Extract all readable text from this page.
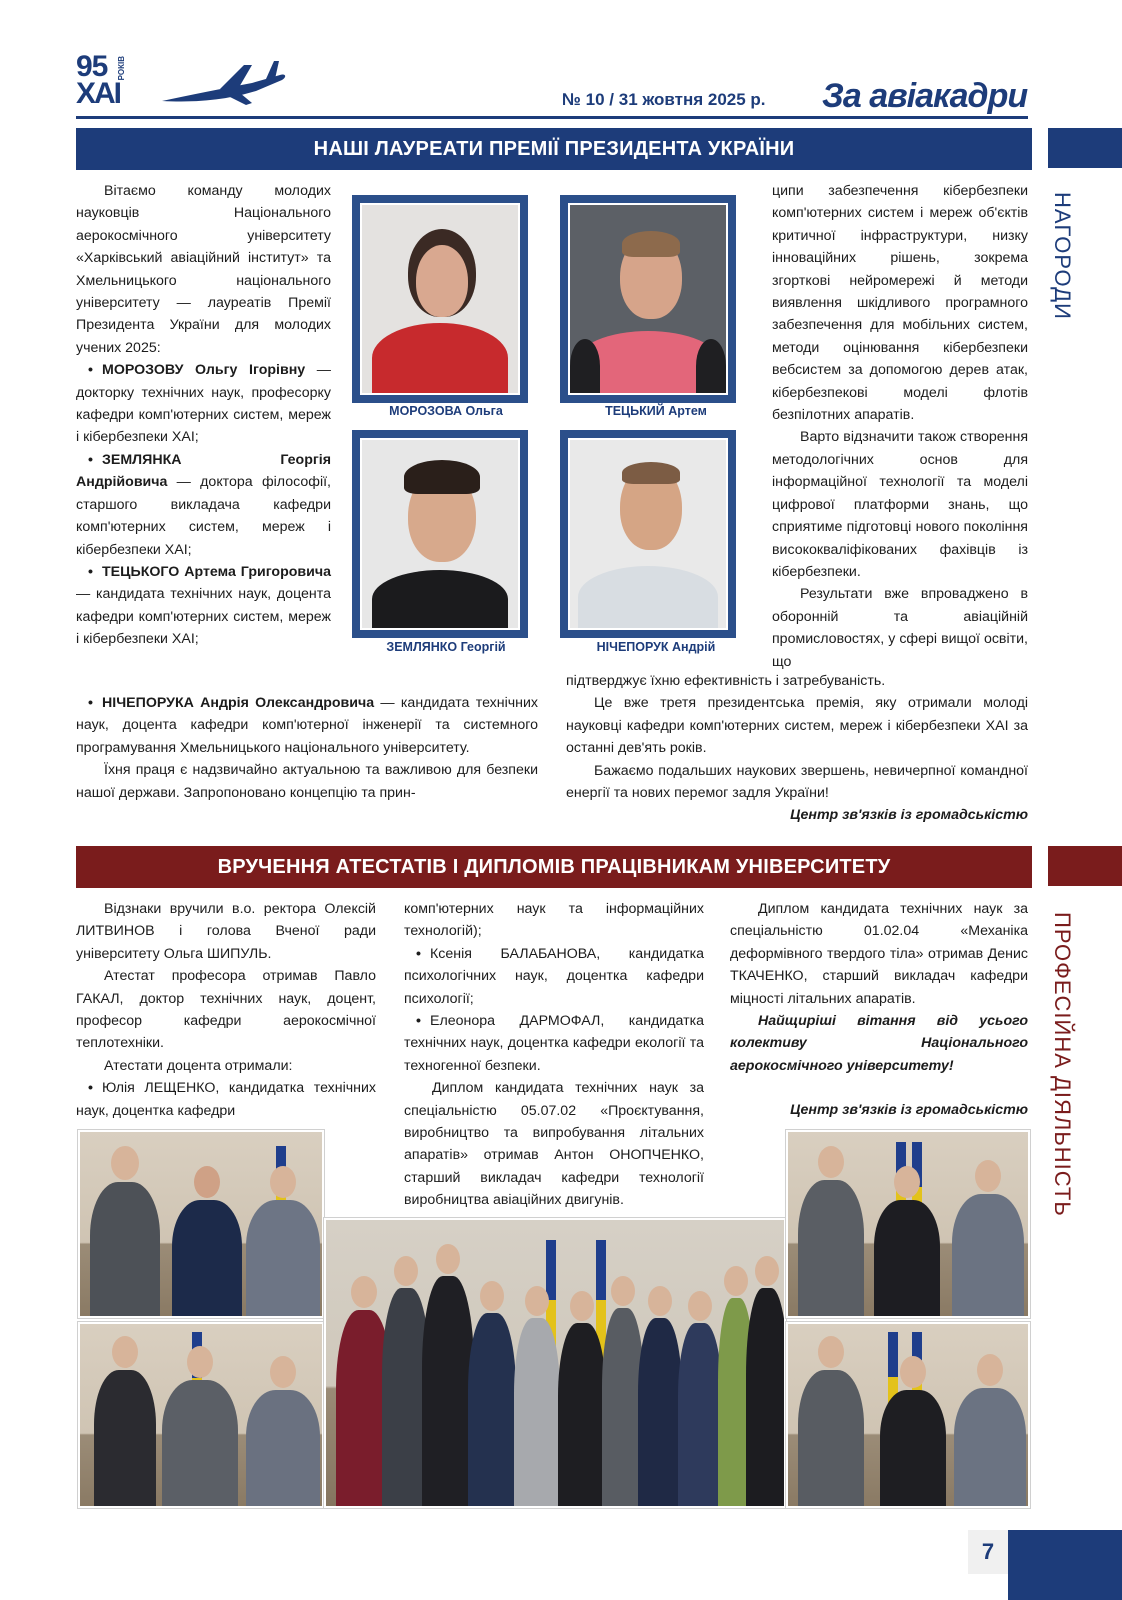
95
ХАІ
РОКІВ
№ 10 / 31 жовтня 2025 р. За авіакадри
НАШІ ЛАУРЕАТИ ПРЕМІЇ ПРЕЗИДЕНТА УКРАЇНИ
НАГОРОДИ

Вітаємо команду молодих науковців Національного аерокосмічного університету «Харківський авіаційний інститут» та Хмельницького національного університету — лауреатів Премії Президента України для молодих учених 2025:

• МОРОЗОВУ Ольгу Ігорівну — докторку технічних наук, професорку кафедри комп'ютерних систем, мереж і кібербезпеки ХАІ;
• ЗЕМЛЯНКА Георгія Андрійовича — доктора філософії, старшого викладача кафедри комп'ютерних систем, мереж і кібербезпеки ХАІ;
• ТЕЦЬКОГО Артема Григоровича — кандидата технічних наук, доцента кафедри комп'ютерних систем, мереж і кібербезпеки ХАІ;
• НІЧЕПОРУКА Андрія Олександровича — кандидата технічних наук, доцента кафедри комп'ютерної інженерії та системного програмування Хмельницького національного університету.

Їхня праця є надзвичайно актуальною та важливою для безпеки нашої держави. Запропоновано концепцію та прин-

ципи забезпечення кібербезпеки комп'ютерних систем і мереж об'єктів критичної інфраструктури, низку інноваційних рішень, зокрема згорткові нейромережі й методи виявлення шкідливого програмного забезпечення для мобільних систем, методи оцінювання кібербезпеки вебсистем за допомогою дерев атак, кібербезпекові моделі флотів безпілотних апаратів.

Варто відзначити також створення методологічних основ для інформаційної технології та моделі цифрової платформи знань, що сприятиме підготовці нового покоління висококваліфікованих фахівців із кібербезпеки.

Результати вже впроваджено в оборонній та авіаційній промисловостях, у сфері вищої освіти, що

підтверджує їхню ефективність і затребуваність.

Це вже третя президентська премія, яку отримали молоді науковці кафедри комп'ютерних систем, мереж і кібербезпеки ХАІ за останні дев'ять років.

Бажаємо подальших наукових звершень, невичерпної командної енергії та нових перемог задля України!

Центр зв'язків із громадськістю

МОРОЗОВА Ольга	ТЕЦЬКИЙ Артем
ЗЕМЛЯНКО Георгій	НІЧЕПОРУК Андрій
ВРУЧЕННЯ АТЕСТАТІВ І ДИПЛОМІВ ПРАЦІВНИКАМ УНІВЕРСИТЕТУ
ПРОФЕСІЙНА ДІЯЛЬНІСТЬ

Відзнаки вручили в.о. ректора Олексій ЛИТВИНОВ і голова Вченої ради університету Ольга ШИПУЛЬ.

Атестат професора отримав Павло ГАКАЛ, доктор технічних наук, доцент, професор кафедри аерокосмічної теплотехніки.

Атестати доцента отримали:

• Юлія ЛЕЩЕНКО, кандидатка технічних наук, доцентка кафедри

комп'ютерних наук та інформаційних технологій);

• Ксенія БАЛАБАНОВА, кандидатка психологічних наук, доцентка кафедри психології;
• Елеонора ДАРМОФАЛ, кандидатка технічних наук, доцентка кафедри екології та техногенної безпеки.

Диплом кандидата технічних наук за спеціальністю 05.07.02 «Проєктування, виробництво та випробування літальних апаратів» отримав Антон ОНОПЧЕНКО, старший викладач кафедри технології виробництва авіаційних двигунів.

Диплом кандидата технічних наук за спеціальністю 01.02.04 «Механіка деформівного твердого тіла» отримав Денис ТКАЧЕНКО, старший викладач кафедри міцності літальних апаратів.

Найщиріші вітання від усього колективу Національного аерокосмічного університету!

Центр зв'язків із громадськістю

7
